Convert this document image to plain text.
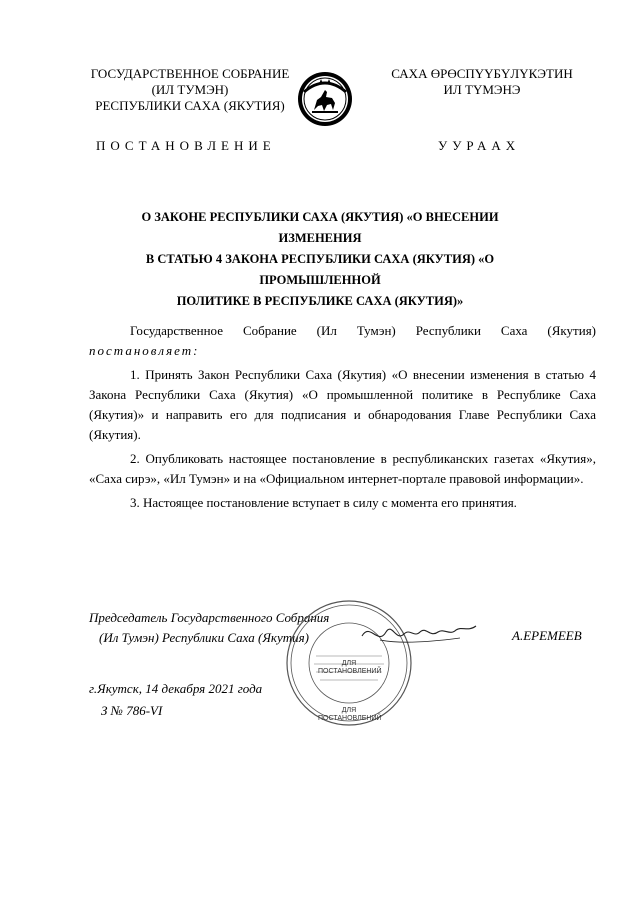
ГОСУДАРСТВЕННОЕ СОБРАНИЕ
(ИЛ ТУМЭН)
РЕСПУБЛИКИ САХА (ЯКУТИЯ)
САХА ӨРӨСПҮҮБҮЛҮКЭТИН
ИЛ ТҮМЭНЭ
ПОСТАНОВЛЕНИЕ	УУРААХ
О ЗАКОНЕ РЕСПУБЛИКИ САХА (ЯКУТИЯ) «О ВНЕСЕНИИ ИЗМЕНЕНИЯ
В СТАТЬЮ 4 ЗАКОНА РЕСПУБЛИКИ САХА (ЯКУТИЯ) «О ПРОМЫШЛЕННОЙ
ПОЛИТИКЕ В РЕСПУБЛИКЕ САХА (ЯКУТИЯ)»

Государственное Собрание (Ил Тумэн) Республики Саха (Якутия)

постановляет:

1. Принять Закон Республики Саха (Якутия) «О внесении изменения в статью 4 Закона Республики Саха (Якутия) «О промышленной политике в Республике Саха (Якутия)» и направить его для подписания и обнародования Главе Республики Саха (Якутия).

2. Опубликовать настоящее постановление в республиканских газетах «Якутия», «Саха сирэ», «Ил Тумэн» и на «Официальном интернет-портале правовой информации».

3. Настоящее постановление вступает в силу с момента его принятия.

Председатель Государственного Собрания
(Ил Тумэн) Республики Саха (Якутия)
ДЛЯ
ПОСТАНОВЛЕНИЙ
ДЛЯ ПОСТАНОВЛЕНИЙ
А.ЕРЕМЕЕВ
г.Якутск, 14 декабря 2021 года
З № 786-VI
